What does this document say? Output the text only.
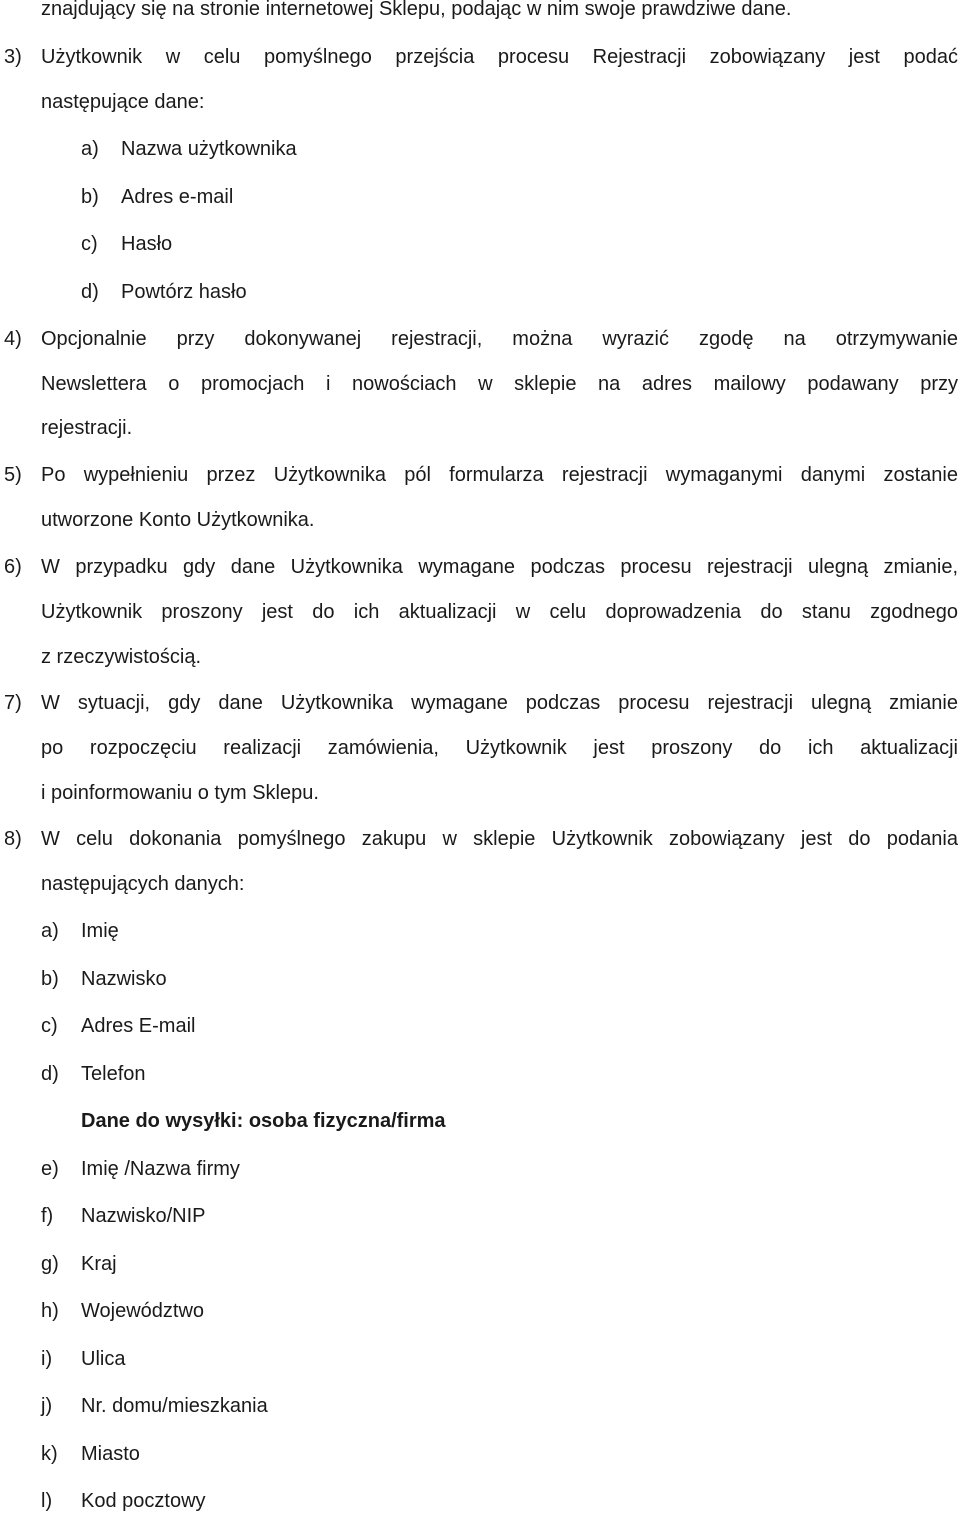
znajdujący się na stronie internetowej Sklepu, podając w nim swoje prawdziwe dane.
3) Użytkownik w celu pomyślnego przejścia procesu Rejestracji zobowiązany jest podać
następujące dane:
a) Nazwa użytkownika
b) Adres e-mail
c) Hasło
d) Powtórz hasło
4) Opcjonalnie przy dokonywanej rejestracji, można wyrazić zgodę na otrzymywanie
Newslettera o promocjach i nowościach w sklepie na adres mailowy podawany przy
rejestracji.
5) Po wypełnieniu przez Użytkownika pól formularza rejestracji wymaganymi danymi zostanie
utworzone Konto Użytkownika.
6) W przypadku gdy dane Użytkownika wymagane podczas procesu rejestracji ulegną zmianie,
Użytkownik proszony jest do ich aktualizacji w celu doprowadzenia do stanu zgodnego
z rzeczywistością.
7) W sytuacji, gdy dane Użytkownika wymagane podczas procesu rejestracji ulegną zmianie
po rozpoczęciu realizacji zamówienia, Użytkownik jest proszony do ich aktualizacji
i poinformowaniu o tym Sklepu.
8) W celu dokonania pomyślnego zakupu w sklepie Użytkownik zobowiązany jest do podania
następujących danych:
a) Imię
b) Nazwisko
c) Adres E-mail
d) Telefon
Dane do wysyłki: osoba fizyczna/firma
e) Imię /Nazwa firmy
f) Nazwisko/NIP
g) Kraj
h) Województwo
i) Ulica
j) Nr. domu/mieszkania
k) Miasto
l) Kod pocztowy
